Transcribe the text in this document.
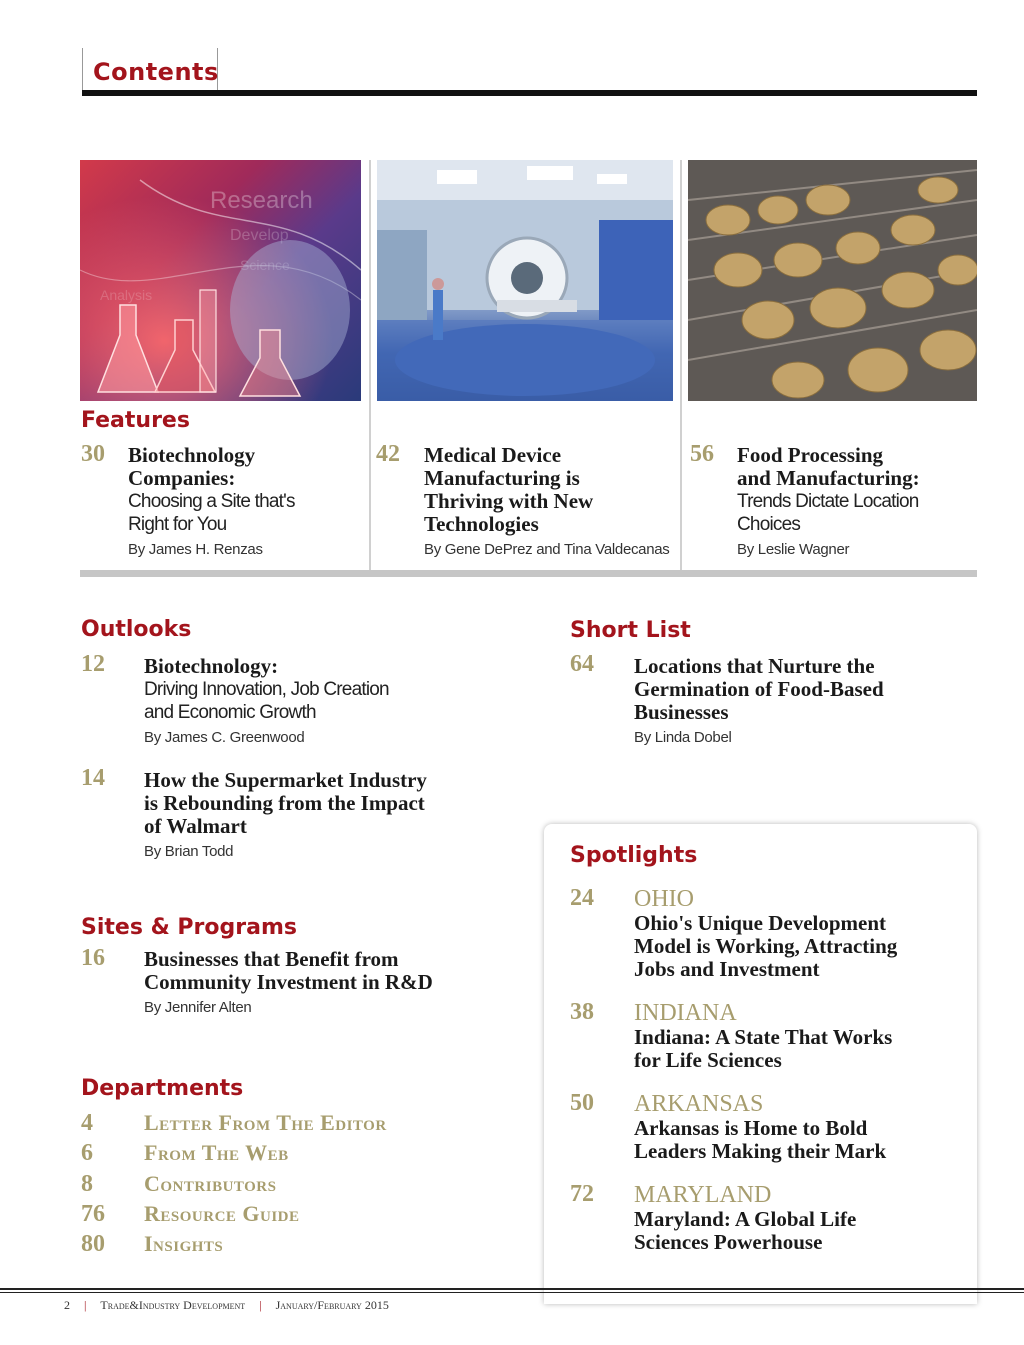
Contents
Research
Develop
Science
Analysis
Features
30 Biotechnology
Companies:
Choosing a Site that's
Right for You
By James H. Renzas
42 Medical Device
Manufacturing is
Thriving with New
Technologies
By Gene DePrez and Tina Valdecanas
56 Food Processing
and Manufacturing:
Trends Dictate Location Choices
By Leslie Wagner
Outlooks
12 Biotechnology:
Driving Innovation, Job Creation
and Economic Growth
By James C. Greenwood
14 How the Supermarket Industry
is Rebounding from the Impact
of Walmart
By Brian Todd
Sites & Programs
16 Businesses that Benefit from
Community Investment in R&D
By Jennifer Alten
Departments
4 Letter From The Editor
6 From The Web
8 Contributors
76 Resource Guide
80 Insights
Short List
64 Locations that Nurture the
Germination of Food-Based
Businesses
By Linda Dobel
Spotlights
24 OHIO
Ohio's Unique Development
Model is Working, Attracting
Jobs and Investment
38 INDIANA
Indiana: A State That Works
for Life Sciences
50 ARKANSAS
Arkansas is Home to Bold
Leaders Making their Mark
72 MARYLAND
Maryland: A Global Life
Sciences Powerhouse
2 | Trade&Industry Development | January/February 2015
